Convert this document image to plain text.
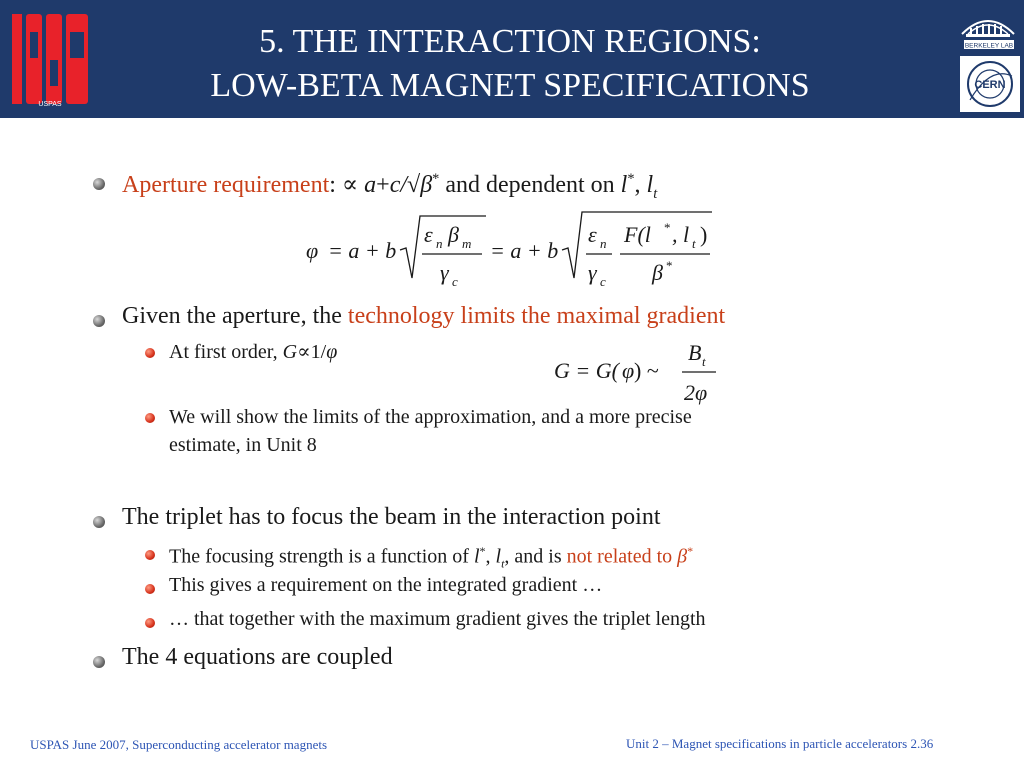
USPAS
5. THE INTERACTION REGIONS:
LOW-BETA MAGNET SPECIFICATIONS
BERKELEY LAB
CERN
Aperture requirement: ∝ a+c/√β* and dependent on l*, $l_t$
φ = a + b
ε n β m
γ c
= a + b
ε n
γ c
F(l * , l t )
β *
Given the aperture, the technology limits the maximal gradient
At first order, G∝1/φ
G = G( φ ) ~
B t
2φ
We will show the limits of the approximation, and a more precise
estimate, in Unit 8
The triplet has to focus the beam in the interaction point
The focusing strength is a function of l*, $l_t$, and is not related to β*
This gives a requirement on the integrated gradient …
… that together with the maximum gradient gives the triplet length
The 4 equations are coupled
USPAS June 2007, Superconducting accelerator magnets	Unit 2 – Magnet specifications in particle accelerators 2.36
